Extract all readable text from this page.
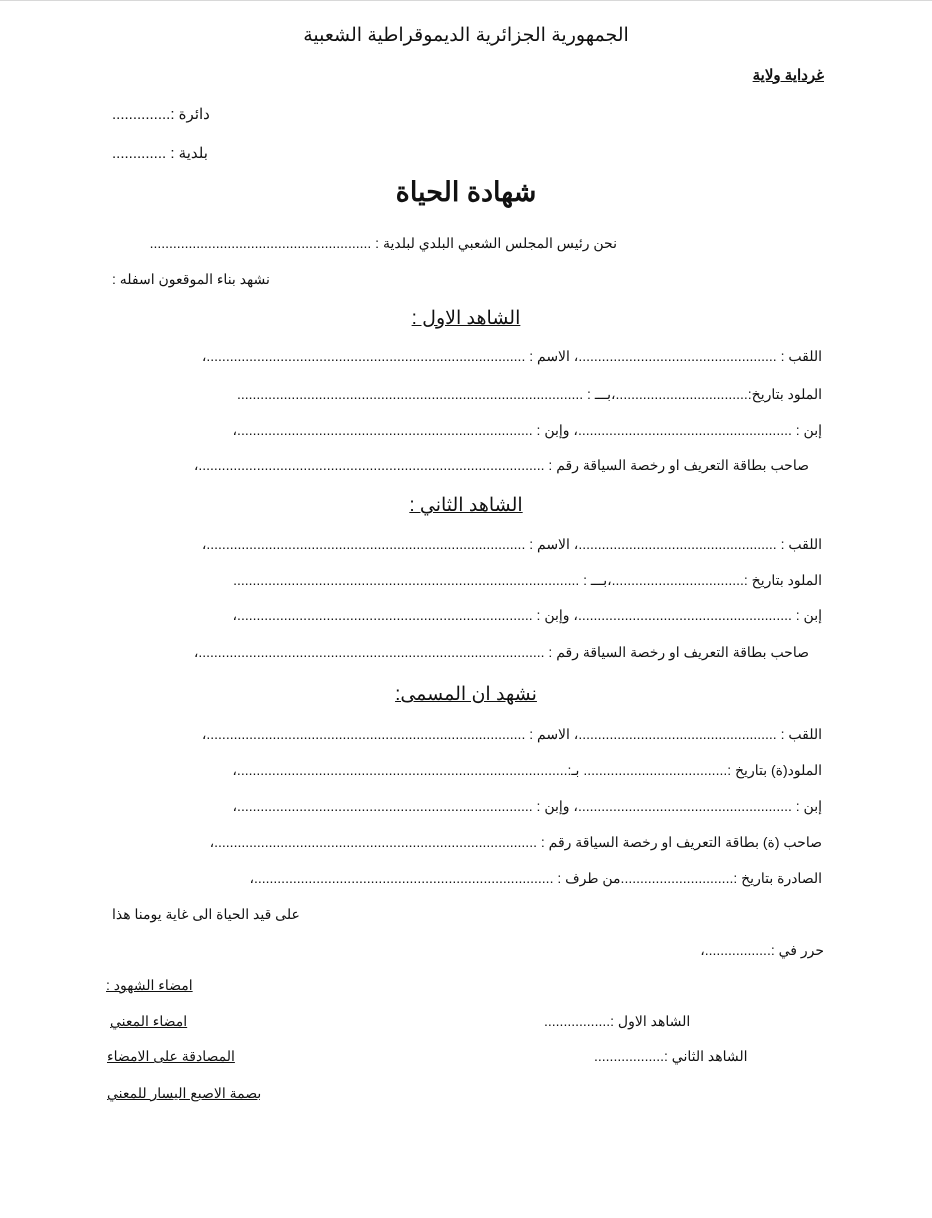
الجمهورية الجزائرية الديموقراطية الشعبية
غرداية ولاية
دائرة :..............
بلدية : .............
شهادة الحياة
نحن رئيس المجلس الشعبي البلدي لبلدية : .........................................................
نشهد بناء الموقعون اسفله :
الشاهد الاول :
اللقب : ...................................................، الاسم : ..................................................................................،
الملود بتاريخ:..................................،بـــ : .........................................................................................
إبن : .......................................................، وإبن : ............................................................................،
صاحب بطاقة التعريف او رخصة السياقة رقم : .........................................................................................،
الشاهد الثاني :
اللقب : ...................................................، الاسم : ..................................................................................،
الملود بتاريخ :..................................،بـــ : .........................................................................................
إبن : .......................................................، وإبن : ............................................................................،
صاحب بطاقة التعريف او رخصة السياقة رقم : .........................................................................................،
نشهد ان المسمى:
اللقب : ...................................................، الاسم : ..................................................................................،
الملود(ة) بتاريخ :..................................... بـ:.....................................................................................،
إبن : .......................................................، وإبن : ............................................................................،
صاحب (ة) بطاقة التعريف او رخصة السياقة رقم : ...................................................................................،
الصادرة بتاريخ :.............................من طرف : .............................................................................،
على قيد الحياة الى غاية يومنا هذا
حرر في :.................،
امضاء الشهود :
الشاهد الاول :.................
امضاء المعني
الشاهد الثاني :..................
المصادقة على الامضاء
بصمة الاصبع اليسار للمعني
